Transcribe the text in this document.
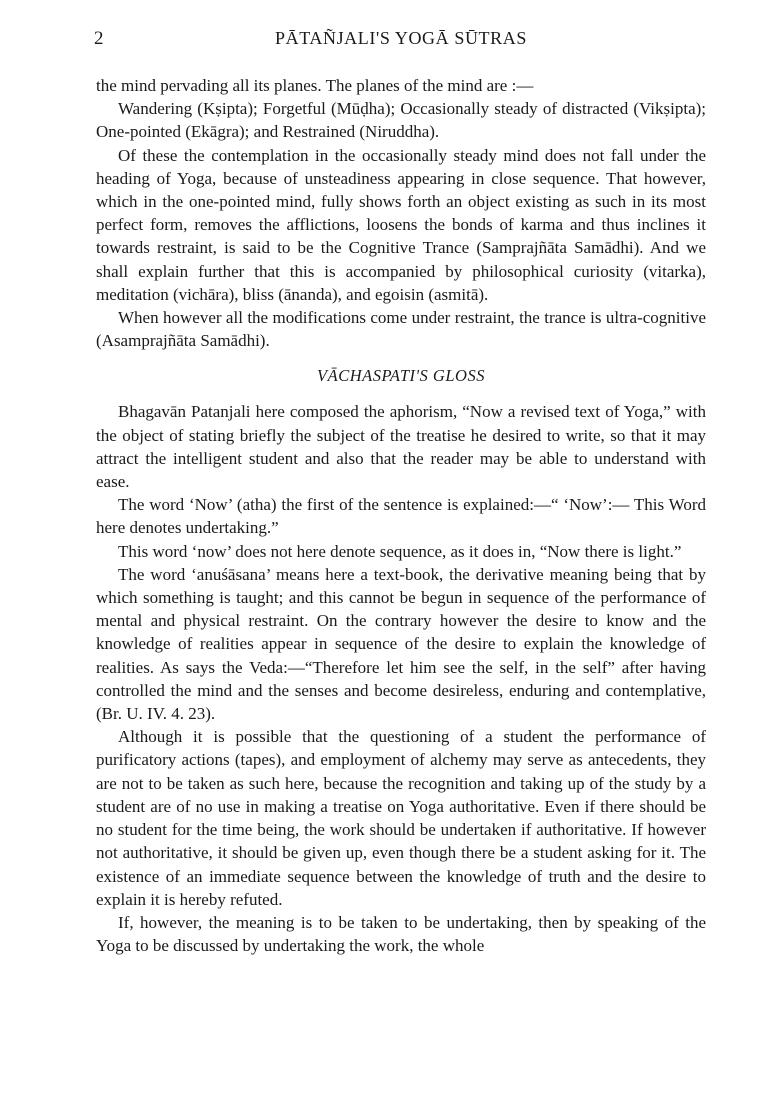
2	PĀTAÑJALI'S YOGĀ SŪTRAS

the mind pervading all its planes. The planes of the mind are :—

Wandering (Kṣipta); Forgetful (Mūḍha); Occasionally steady of distracted (Vikṣipta); One-pointed (Ekāgra); and Restrained (Niruddha).

Of these the contemplation in the occasionally steady mind does not fall under the heading of Yoga, because of unsteadiness appearing in close sequence. That however, which in the one-pointed mind, fully shows forth an object existing as such in its most perfect form, removes the afflictions, loosens the bonds of karma and thus inclines it towards restraint, is said to be the Cognitive Trance (Samprajñāta Samādhi). And we shall explain further that this is accompanied by philosophical curiosity (vitarka), meditation (vichāra), bliss (ānanda), and egoisin (asmitā).

When however all the modifications come under restraint, the trance is ultra-cognitive (Asamprajñāta Samādhi).

VĀCHASPATI'S GLOSS

Bhagavān Patanjali here composed the aphorism, “Now a revised text of Yoga,” with the object of stating briefly the subject of the treatise he desired to write, so that it may attract the intelligent student and also that the reader may be able to understand with ease.

The word ‘Now’ (atha) the first of the sentence is explained:—“ ‘Now’:— This Word here denotes undertaking.”

This word ‘now’ does not here denote sequence, as it does in, “Now there is light.”

The word ‘anuśāsana’ means here a text-book, the derivative meaning being that by which something is taught; and this cannot be begun in sequence of the performance of mental and physical restraint. On the contrary however the desire to know and the knowledge of realities appear in sequence of the desire to explain the knowledge of realities. As says the Veda:—“Therefore let him see the self, in the self” after having controlled the mind and the senses and become desireless, enduring and contemplative, (Br. U. IV. 4. 23).

Although it is possible that the questioning of a student the performance of purificatory actions (tapes), and employment of alchemy may serve as antecedents, they are not to be taken as such here, because the recognition and taking up of the study by a student are of no use in making a treatise on Yoga authoritative. Even if there should be no student for the time being, the work should be undertaken if authoritative. If however not authoritative, it should be given up, even though there be a student asking for it. The existence of an immediate sequence between the knowledge of truth and the desire to explain it is hereby refuted.

If, however, the meaning is to be taken to be undertaking, then by speaking of the Yoga to be discussed by undertaking the work, the whole
